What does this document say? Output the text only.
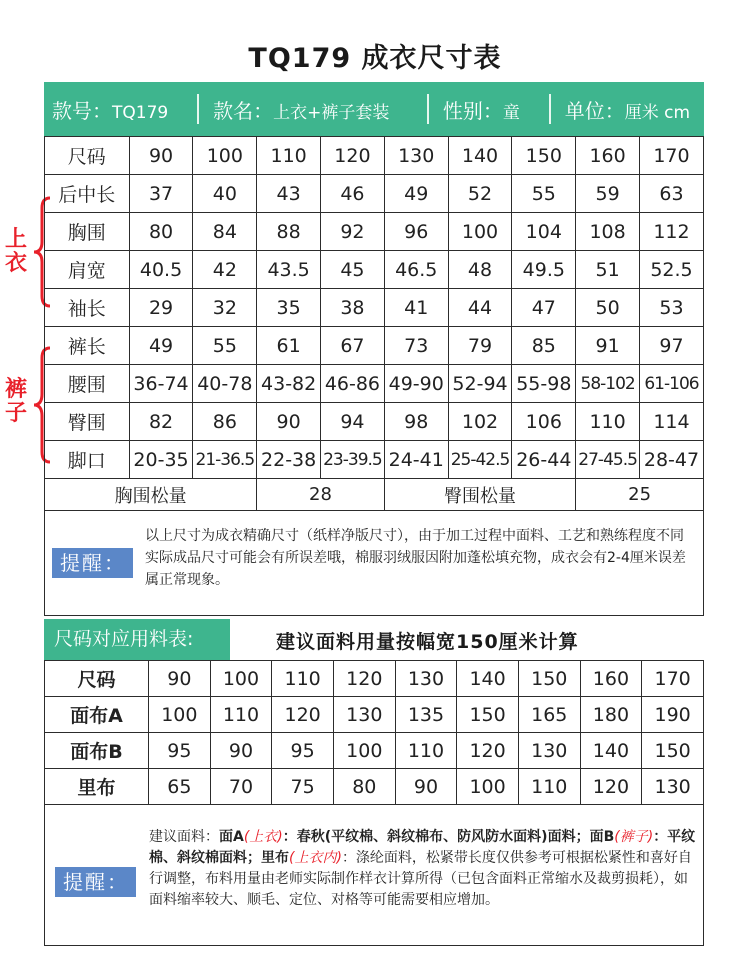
TQ179 成衣尺寸表
款号：TQ179	款名：上衣+裤子套装	性别：童	单位：厘米 cm
上衣
裤子
尺码	90	100	110	120	130	140	150	160	170
后中长	37	40	43	46	49	52	55	59	63
胸围	80	84	88	92	96	100	104	108	112
肩宽	40.5	42	43.5	45	46.5	48	49.5	51	52.5
袖长	29	32	35	38	41	44	47	50	53
裤长	49	55	61	67	73	79	85	91	97
腰围	36-74	40-78	43-82	46-86	49-90	52-94	55-98	58-102	61-106
臀围	82	86	90	94	98	102	106	110	114
脚口	20-35	21-36.5	22-38	23-39.5	24-41	25-42.5	26-44	27-45.5	28-47
胸围松量			28		臀围松量			25	
提醒：
以上尺寸为成衣精确尺寸（纸样净版尺寸），由于加工过程中面料、工艺和熟练程度不同实际成品尺寸可能会有所误差哦，棉服羽绒服因附加蓬松填充物，成衣会有2-4厘米误差属正常现象。
尺码对应用料表:	建议面料用量按幅宽150厘米计算
尺码	90	100	110	120	130	140	150	160	170
面布A	100	110	120	130	135	150	165	180	190
面布B	95	90	95	100	110	120	130	140	150
里布	65	70	75	80	90	100	110	120	130
提醒：
建议面料：面A(上衣)：春秋(平纹棉、斜纹棉布、防风防水面料)面料；面B(裤子)：平纹棉、斜纹棉面料；里布(上衣内)：涤纶面料，松紧带长度仅供参考可根据松紧性和喜好自行调整，布料用量由老师实际制作样衣计算所得（已包含面料正常缩水及裁剪损耗），如面料缩率较大、顺毛、定位、对格等可能需要相应增加。
